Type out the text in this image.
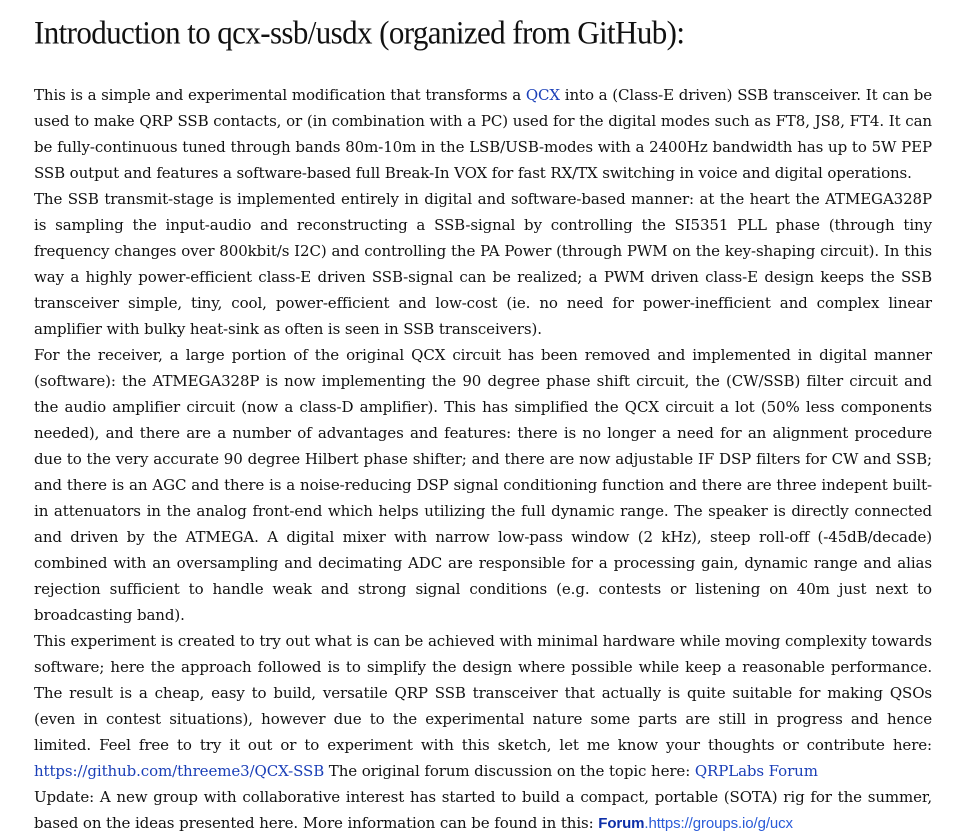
Introduction to qcx-ssb/usdx (organized from GitHub):

This is a simple and experimental modification that transforms a QCX into a (Class-E driven) SSB transceiver. It can be used to make QRP SSB contacts, or (in combination with a PC) used for the digital modes such as FT8, JS8, FT4. It can be fully-continuous tuned through bands 80m-10m in the LSB/USB-modes with a 2400Hz bandwidth has up to 5W PEP SSB output and features a software-based full Break-In VOX for fast RX/TX switching in voice and digital operations.

The SSB transmit-stage is implemented entirely in digital and software-based manner: at the heart the ATMEGA328P is sampling the input-audio and reconstructing a SSB-signal by controlling the SI5351 PLL phase (through tiny frequency changes over 800kbit/s I2C) and controlling the PA Power (through PWM on the key-shaping circuit). In this way a highly power-efficient class-E driven SSB-signal can be realized; a PWM driven class-E design keeps the SSB transceiver simple, tiny, cool, power-efficient and low-cost (ie. no need for power-inefficient and complex linear amplifier with bulky heat-sink as often is seen in SSB transceivers).

For the receiver, a large portion of the original QCX circuit has been removed and implemented in digital manner (software): the ATMEGA328P is now implementing the 90 degree phase shift circuit, the (CW/SSB) filter circuit and the audio amplifier circuit (now a class-D amplifier). This has simplified the QCX circuit a lot (50% less components needed), and there are a number of advantages and features: there is no longer a need for an alignment procedure due to the very accurate 90 degree Hilbert phase shifter; and there are now adjustable IF DSP filters for CW and SSB; and there is an AGC and there is a noise-reducing DSP signal conditioning function and there are three indepent built-in attenuators in the analog front-end which helps utilizing the full dynamic range. The speaker is directly connected and driven by the ATMEGA. A digital mixer with narrow low-pass window (2 kHz), steep roll-off (-45dB/decade) combined with an oversampling and decimating ADC are responsible for a processing gain, dynamic range and alias rejection sufficient to handle weak and strong signal conditions (e.g. contests or listening on 40m just next to broadcasting band).

This experiment is created to try out what is can be achieved with minimal hardware while moving complexity towards software; here the approach followed is to simplify the design where possible while keep a reasonable performance. The result is a cheap, easy to build, versatile QRP SSB transceiver that actually is quite suitable for making QSOs (even in contest situations), however due to the experimental nature some parts are still in progress and hence limited. Feel free to try it out or to experiment with this sketch, let me know your thoughts or contribute here: https://github.com/threeme3/QCX-SSB The original forum discussion on the topic here: QRPLabs Forum

Update: A new group with collaborative interest has started to build a compact, portable (SOTA) rig for the summer, based on the ideas presented here. More information can be found in this: Forum.https://groups.io/g/ucx
